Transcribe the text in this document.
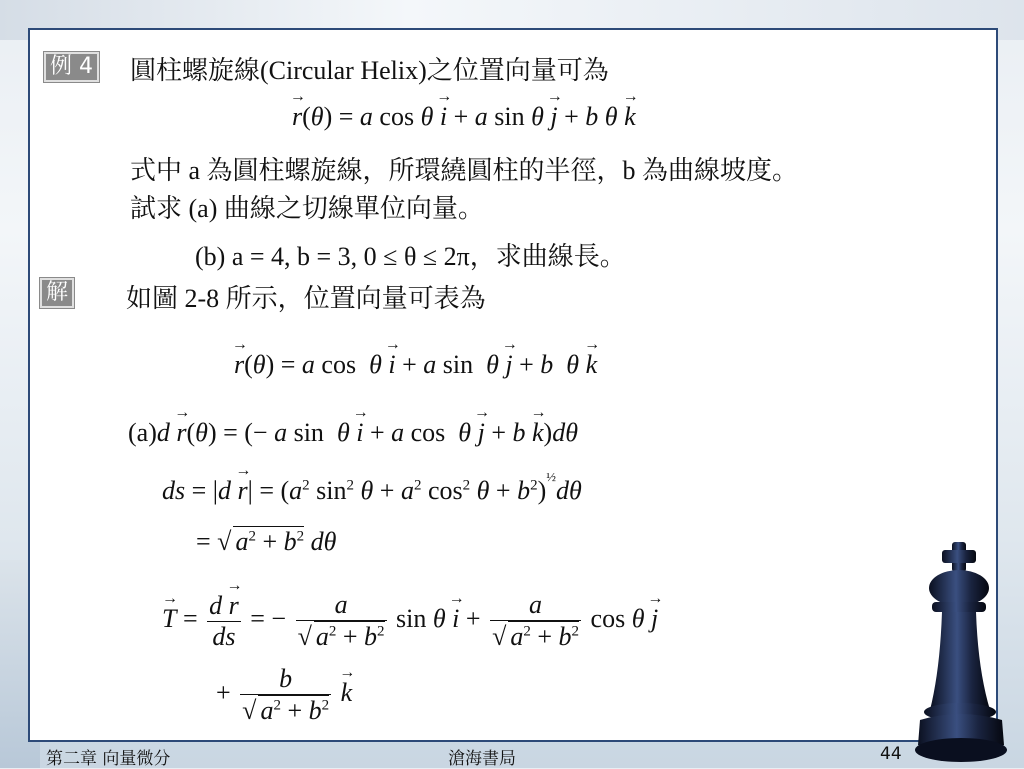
例 4 圓柱螺旋線(Circular Helix)之位置向量可為
→ r(θ) = a cos θ → i + a sin θ → j + b θ → k
式中 a 為圓柱螺旋線，所環繞圓柱的半徑，b 為曲線坡度。
試求 (a) 曲線之切線單位向量。
(b) a = 4, b = 3, 0 ≤ θ ≤ 2π，求曲線長。
解 如圖 2-8 所示，位置向量可表為
→ r(θ) = a cos  θ → i + a sin  θ → j + b θ → k
(a)d → r(θ) = (− a sin  θ → i + a cos  θ → j + b → k)dθ
ds = $|d \to r| = (a^2$ $\sin^2 \theta + a^2$ $\cos^2 \theta + b^2)^{\frac{1}{2}}d\theta$
= √ $a^2 + b^2$ dθ
→ $T = \frac{d \to r}{ds}$ = − $\frac{a}{√ a^2 + b^2}$ $\sin \theta \to i + \frac{a}{√ a^2 + b^2}$ cos θ → j
+ $\frac{b}{√ a^2 + b^2}$
→ k
第二章 向量微分	滄海書局	44
